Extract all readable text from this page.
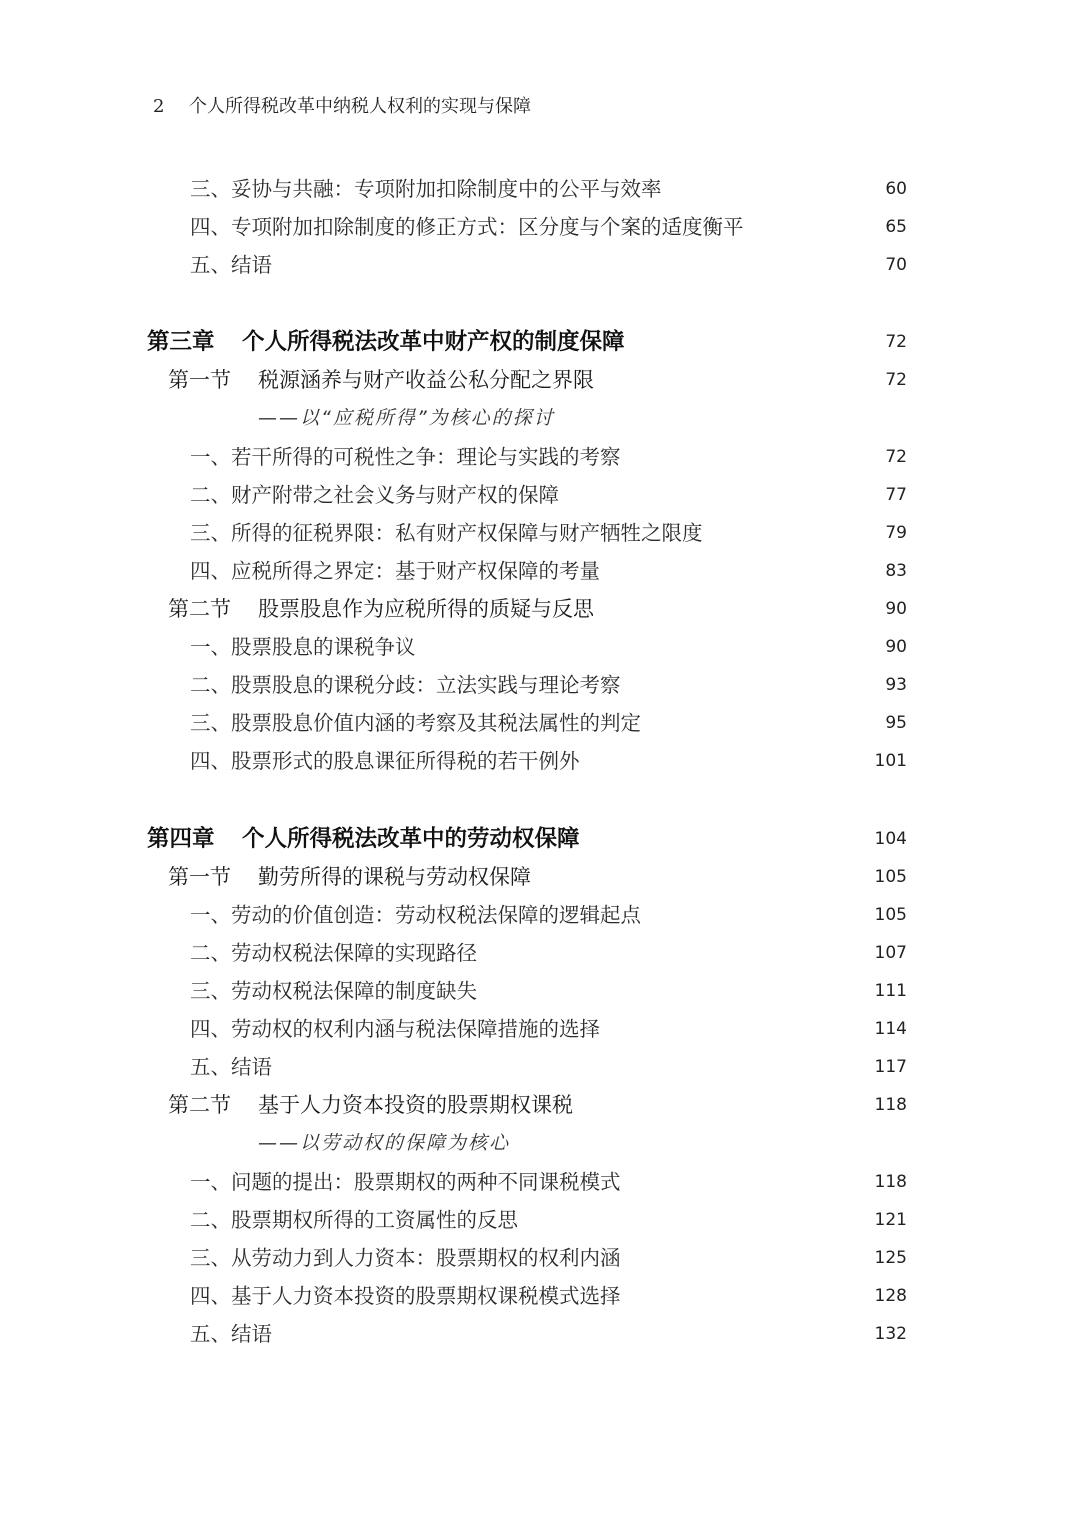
2 个人所得税改革中纳税人权利的实现与保障
三、妥协与共融：专项附加扣除制度中的公平与效率	60
四、专项附加扣除制度的修正方式：区分度与个案的适度衡平	65
五、结语	70
第三章 个人所得税法改革中财产权的制度保障	72
第一节 税源涵养与财产收益公私分配之界限	72
——以“应税所得”为核心的探讨
一、若干所得的可税性之争：理论与实践的考察	72
二、财产附带之社会义务与财产权的保障	77
三、所得的征税界限：私有财产权保障与财产牺牲之限度	79
四、应税所得之界定：基于财产权保障的考量	83
第二节 股票股息作为应税所得的质疑与反思	90
一、股票股息的课税争议	90
二、股票股息的课税分歧：立法实践与理论考察	93
三、股票股息价值内涵的考察及其税法属性的判定	95
四、股票形式的股息课征所得税的若干例外	101
第四章 个人所得税法改革中的劳动权保障	104
第一节 勤劳所得的课税与劳动权保障	105
一、劳动的价值创造：劳动权税法保障的逻辑起点	105
二、劳动权税法保障的实现路径	107
三、劳动权税法保障的制度缺失	111
四、劳动权的权利内涵与税法保障措施的选择	114
五、结语	117
第二节 基于人力资本投资的股票期权课税	118
——以劳动权的保障为核心
一、问题的提出：股票期权的两种不同课税模式	118
二、股票期权所得的工资属性的反思	121
三、从劳动力到人力资本：股票期权的权利内涵	125
四、基于人力资本投资的股票期权课税模式选择	128
五、结语	132
